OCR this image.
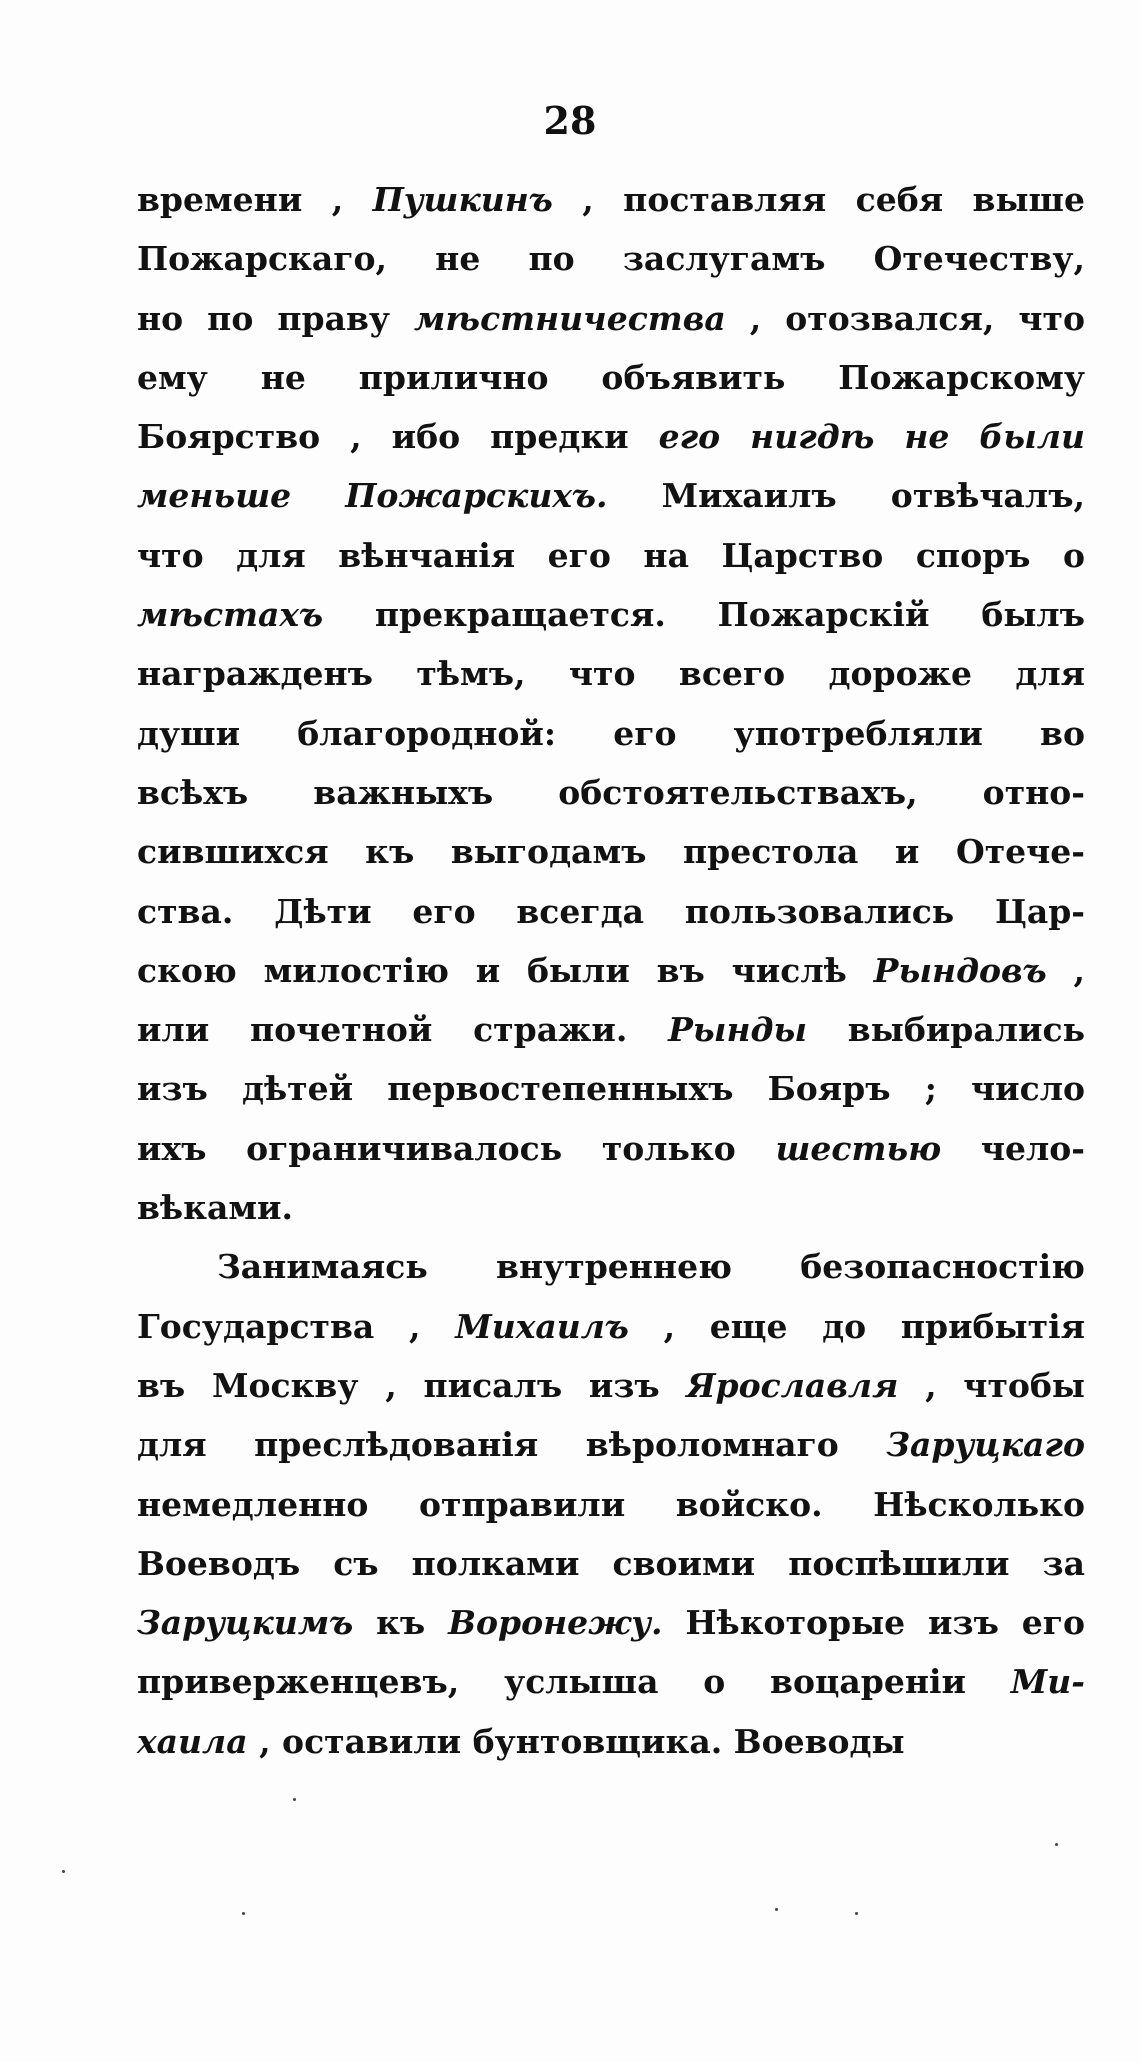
28
времени , Пушкинъ , поставляя себя выше
Пожарскаго, не по заслугамъ Отечеству,
но по праву мѣстничества , отозвался, что
ему не прилично объявить Пожарскому
Боярство , ибо предки его нигдѣ не были
меньше Пожарскихъ. Михаилъ отвѣчалъ,
что для вѣнчанія его на Царство споръ о
мѣстахъ прекращается. Пожарскій былъ
награжденъ тѣмъ, что всего дороже для
души благородной: его употребляли во
всѣхъ важныхъ обстоятельствахъ, отно-
сившихся къ выгодамъ престола и Отече-
ства. Дѣти его всегда пользовались Цар-
скою милостію и были въ числѣ Рындовъ ,
или почетной стражи. Рынды выбирались
изъ дѣтей первостепенныхъ Бояръ ; число
ихъ ограничивалось только шестью чело-
вѣками.
Занимаясь внутреннею безопасностію
Государства , Михаилъ , еще до прибытія
въ Москву , писалъ изъ Ярославля , чтобы
для преслѣдованія вѣроломнаго Заруцкаго
немедленно отправили войско. Нѣсколько
Воеводъ съ полками своими поспѣшили за
Заруцкимъ къ Воронежу. Нѣкоторые изъ его
приверженцевъ, услыша о воцареніи Ми-
хаила , оставили бунтовщика. Воеводы
